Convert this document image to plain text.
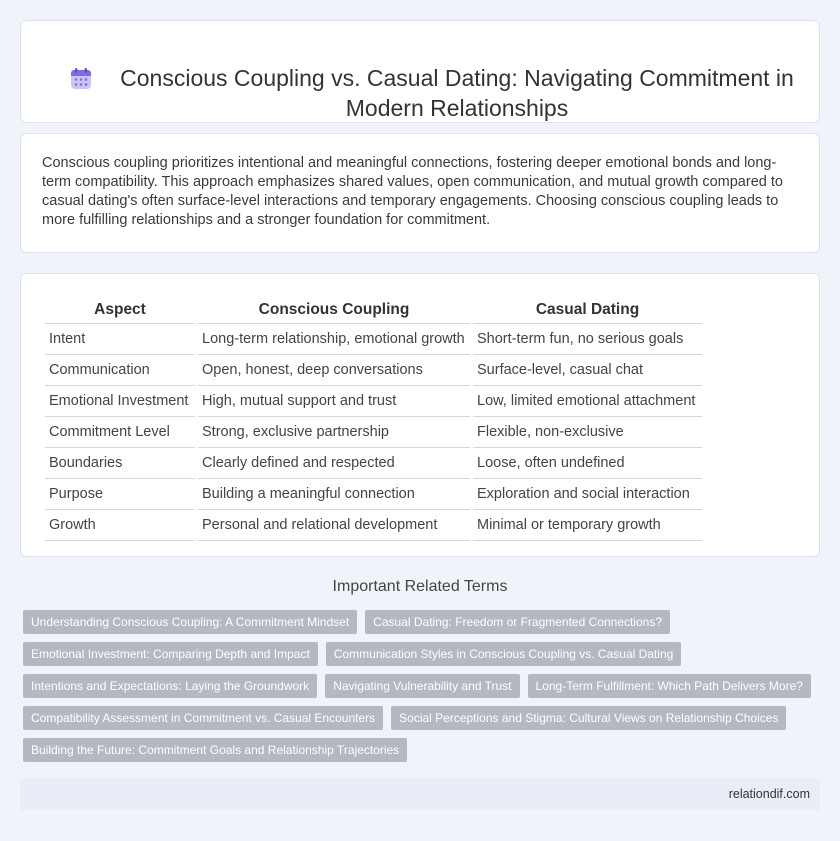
Conscious Coupling vs. Casual Dating: Navigating Commitment in Modern Relationships

Conscious coupling prioritizes intentional and meaningful connections, fostering deeper emotional bonds and long-term compatibility. This approach emphasizes shared values, open communication, and mutual growth compared to casual dating's often surface-level interactions and temporary engagements. Choosing conscious coupling leads to more fulfilling relationships and a stronger foundation for commitment.

Aspect	Conscious Coupling	Casual Dating
Intent	Long-term relationship, emotional growth	Short-term fun, no serious goals
Communication	Open, honest, deep conversations	Surface-level, casual chat
Emotional Investment	High, mutual support and trust	Low, limited emotional attachment
Commitment Level	Strong, exclusive partnership	Flexible, non-exclusive
Boundaries	Clearly defined and respected	Loose, often undefined
Purpose	Building a meaningful connection	Exploration and social interaction
Growth	Personal and relational development	Minimal or temporary growth
Important Related Terms
Understanding Conscious Coupling: A Commitment Mindset	Casual Dating: Freedom or Fragmented Connections?
Emotional Investment: Comparing Depth and Impact	Communication Styles in Conscious Coupling vs. Casual Dating
Intentions and Expectations: Laying the Groundwork	Navigating Vulnerability and Trust	Long-Term Fulfillment: Which Path Delivers More?
Compatibility Assessment in Commitment vs. Casual Encounters	Social Perceptions and Stigma: Cultural Views on Relationship Choices
Building the Future: Commitment Goals and Relationship Trajectories
relationdif.com
